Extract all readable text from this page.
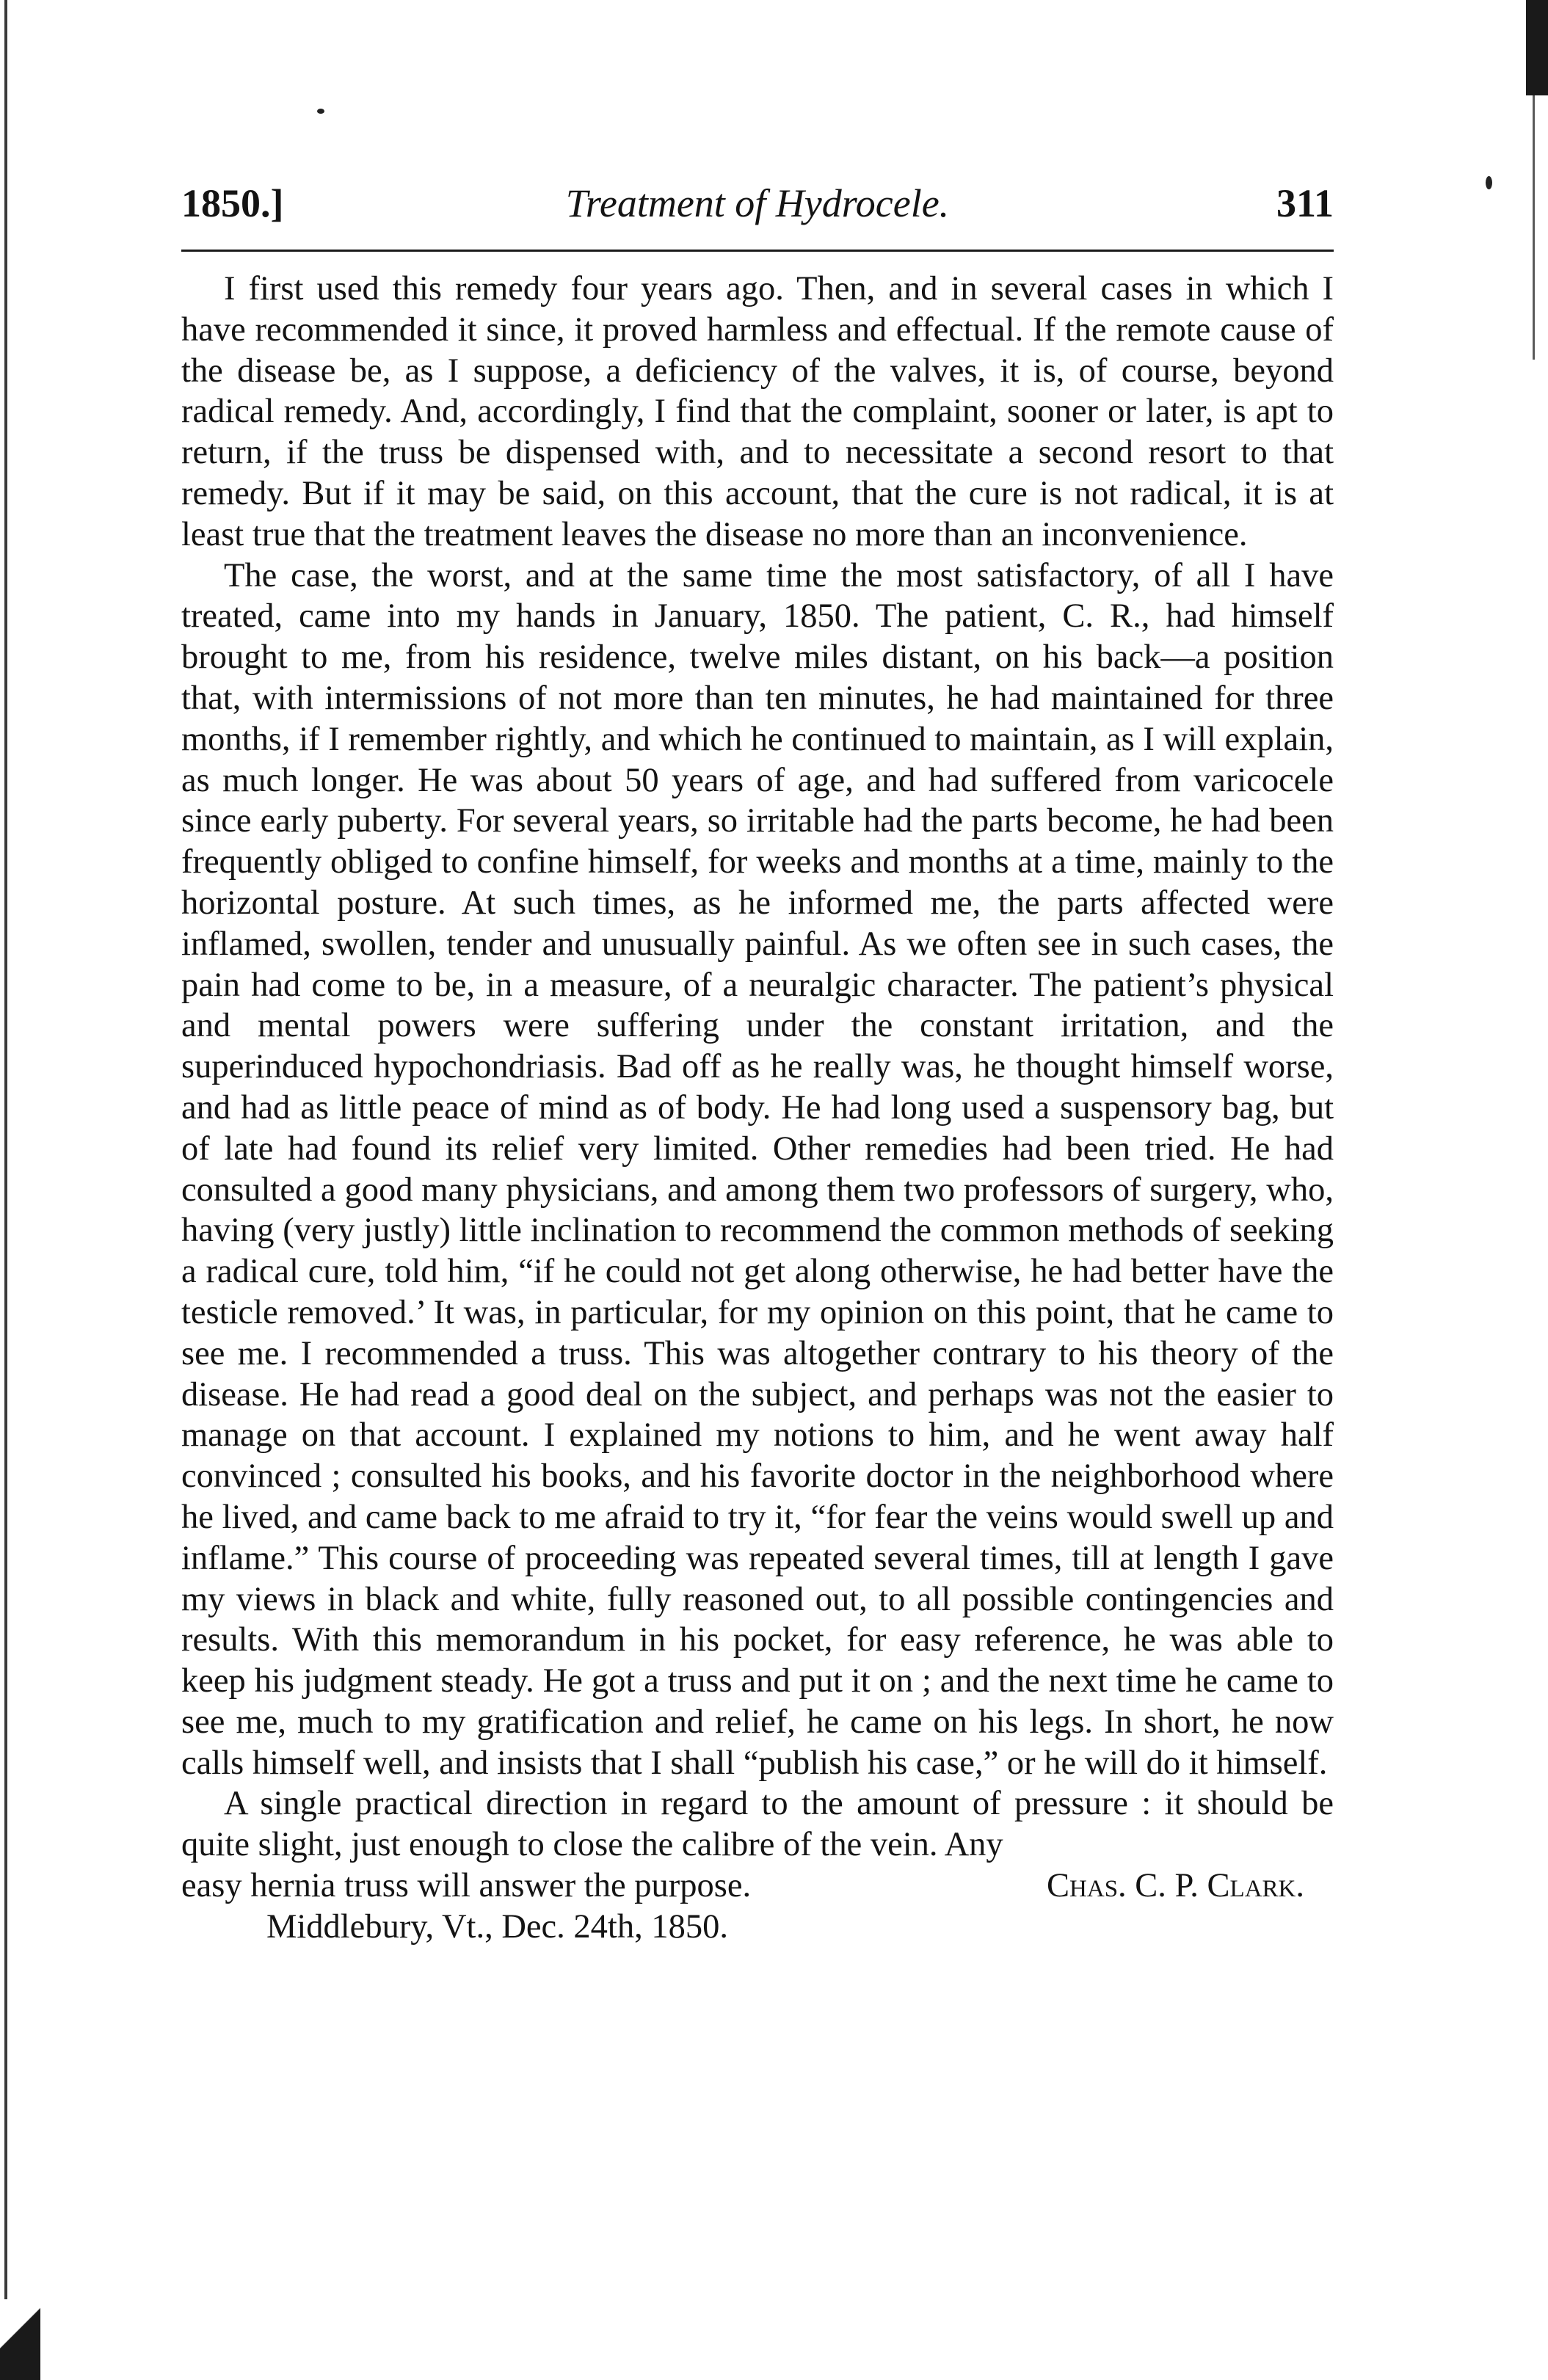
1850.]	Treatment of Hydrocele.	311

I first used this remedy four years ago. Then, and in several cases in which I have recommended it since, it proved harmless and effectual. If the remote cause of the disease be, as I suppose, a deficiency of the valves, it is, of course, beyond radical remedy. And, accordingly, I find that the complaint, sooner or later, is apt to return, if the truss be dispensed with, and to necessitate a second resort to that remedy. But if it may be said, on this account, that the cure is not radical, it is at least true that the treatment leaves the disease no more than an inconvenience.

The case, the worst, and at the same time the most satisfactory, of all I have treated, came into my hands in January, 1850. The patient, C. R., had himself brought to me, from his residence, twelve miles distant, on his back—a position that, with intermissions of not more than ten minutes, he had maintained for three months, if I remember rightly, and which he continued to maintain, as I will explain, as much longer. He was about 50 years of age, and had suffered from varicocele since early puberty. For several years, so irritable had the parts become, he had been frequently obliged to confine himself, for weeks and months at a time, mainly to the horizontal posture. At such times, as he informed me, the parts affected were inflamed, swollen, tender and unusually painful. As we often see in such cases, the pain had come to be, in a measure, of a neuralgic character. The patient’s physical and mental powers were suffering under the constant irritation, and the superinduced hypochondriasis. Bad off as he really was, he thought himself worse, and had as little peace of mind as of body. He had long used a suspensory bag, but of late had found its relief very limited. Other remedies had been tried. He had consulted a good many physicians, and among them two professors of surgery, who, having (very justly) little inclination to recommend the common methods of seeking a radical cure, told him, “if he could not get along otherwise, he had better have the testicle removed.’ It was, in particular, for my opinion on this point, that he came to see me. I recommended a truss. This was altogether contrary to his theory of the disease. He had read a good deal on the subject, and perhaps was not the easier to manage on that account. I explained my notions to him, and he went away half convinced ; consulted his books, and his favorite doctor in the neighborhood where he lived, and came back to me afraid to try it, “for fear the veins would swell up and inflame.” This course of proceeding was repeated several times, till at length I gave my views in black and white, fully reasoned out, to all possible contingencies and results. With this memorandum in his pocket, for easy reference, he was able to keep his judgment steady. He got a truss and put it on ; and the next time he came to see me, much to my gratification and relief, he came on his legs. In short, he now calls himself well, and insists that I shall “publish his case,” or he will do it himself.

A single practical direction in regard to the amount of pressure : it should be quite slight, just enough to close the calibre of the vein. Any

easy hernia truss will answer the purpose.	Chas. C. P. Clark.

Middlebury, Vt., Dec. 24th, 1850.
